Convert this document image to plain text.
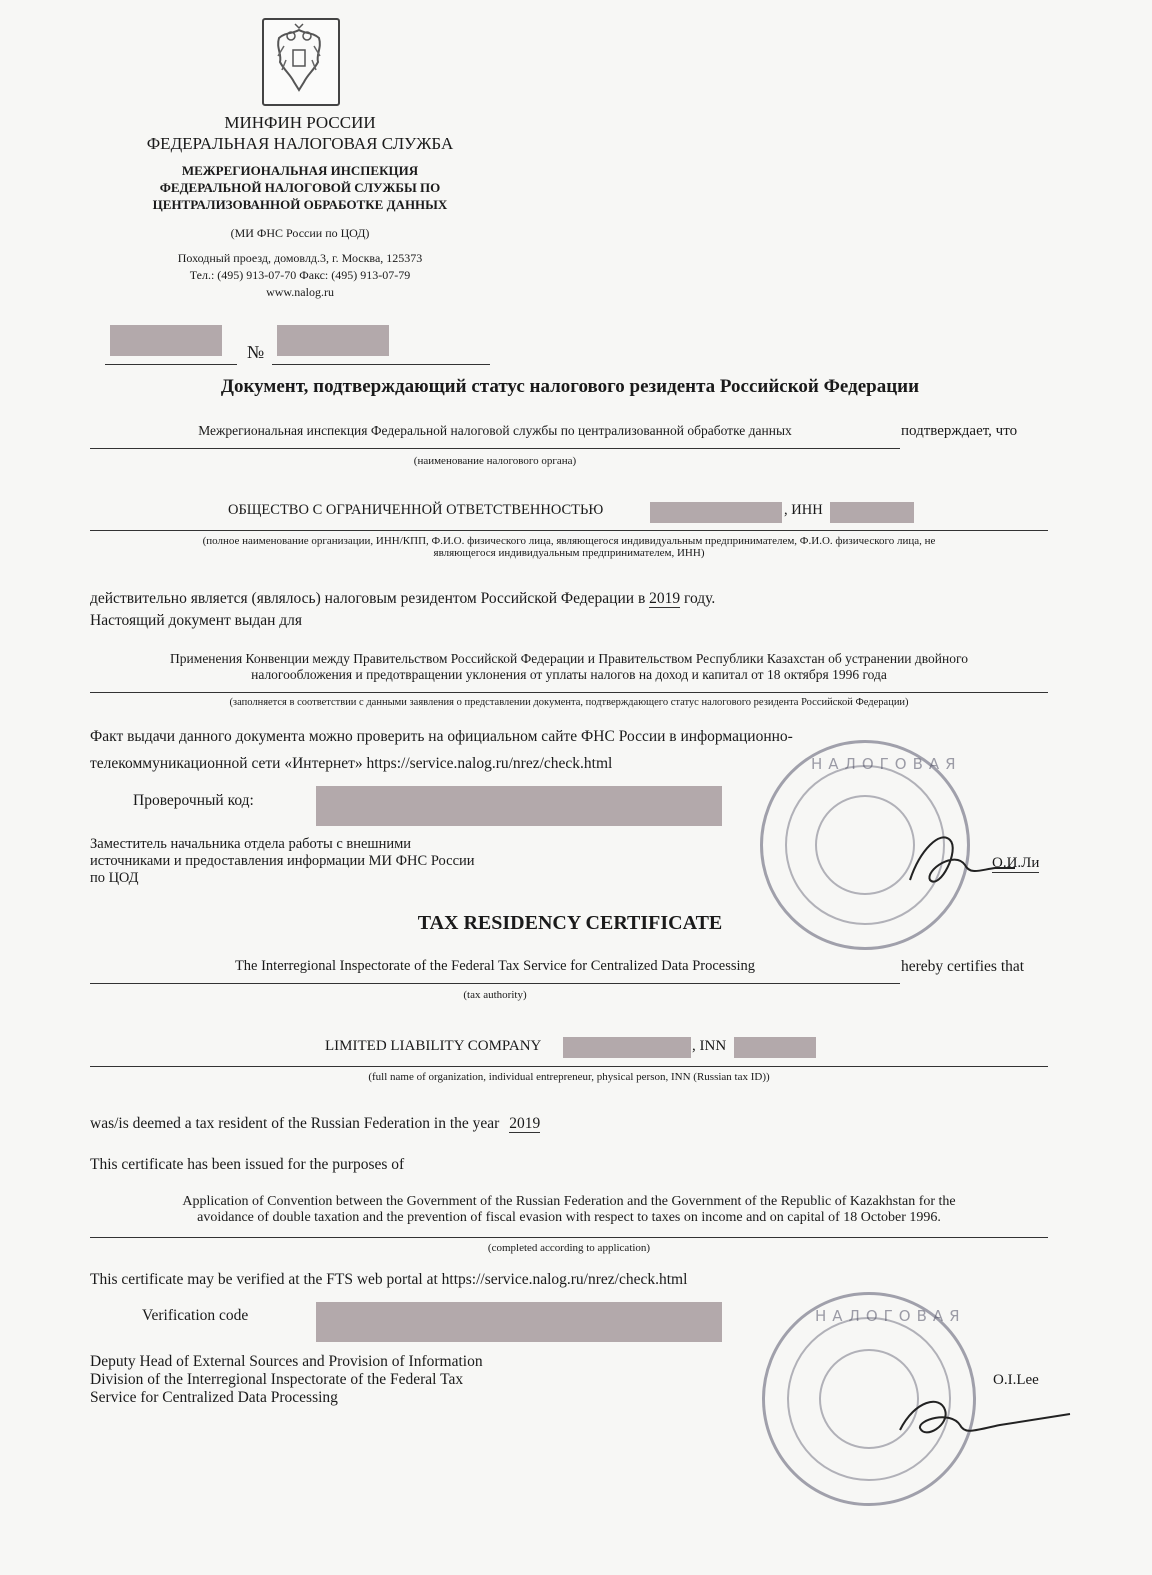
МИНФИН РОССИИ
ФЕДЕРАЛЬНАЯ НАЛОГОВАЯ СЛУЖБА
МЕЖРЕГИОНАЛЬНАЯ ИНСПЕКЦИЯ
ФЕДЕРАЛЬНОЙ НАЛОГОВОЙ СЛУЖБЫ ПО
ЦЕНТРАЛИЗОВАННОЙ ОБРАБОТКЕ ДАННЫХ
(МИ ФНС России по ЦОД)
Походный проезд, домовлд.3, г. Москва, 125373
Тел.: (495) 913-07-70 Факс: (495) 913-07-79
www.nalog.ru
№
Документ, подтверждающий статус налогового резидента Российской Федерации
Межрегиональная инспекция Федеральной налоговой службы по централизованной обработке данных	подтверждает, что
(наименование налогового органа)
ОБЩЕСТВО С ОГРАНИЧЕННОЙ ОТВЕТСТВЕННОСТЬЮ	, ИНН
(полное наименование организации, ИНН/КПП, Ф.И.О. физического лица, являющегося индивидуальным предпринимателем, Ф.И.О. физического лица, не
являющегося индивидуальным предпринимателем, ИНН)
действительно является (являлось) налоговым резидентом Российской Федерации в 2019 году.
Настоящий документ выдан для
Применения Конвенции между Правительством Российской Федерации и Правительством Республики Казахстан об устранении двойного
налогообложения и предотвращении уклонения от уплаты налогов на доход и капитал от 18 октября 1996 года
(заполняется в соответствии с данными заявления о представлении документа, подтверждающего статус налогового резидента Российской Федерации)
Факт выдачи данного документа можно проверить на официальном сайте ФНС России в информационно-
телекоммуникационной сети «Интернет» https://service.nalog.ru/nrez/check.html
Проверочный код:
Заместитель начальника отдела работы с внешними
источниками и предоставления информации МИ ФНС России
по ЦОД
О.И.Ли
НАЛОГОВАЯ
TAX RESIDENCY CERTIFICATE
The Interregional Inspectorate of the Federal Tax Service for Centralized Data Processing	hereby certifies that
(tax authority)
LIMITED LIABILITY COMPANY	, INN
(full name of organization, individual entrepreneur, physical person, INN (Russian tax ID))
was/is deemed a tax resident of the Russian Federation in the year 2019
This certificate has been issued for the purposes of
Application of Convention between the Government of the Russian Federation and the Government of the Republic of Kazakhstan for the
avoidance of double taxation and the prevention of fiscal evasion with respect to taxes on income and on capital of 18 October 1996.
(completed according to application)
This certificate may be verified at the FTS web portal at https://service.nalog.ru/nrez/check.html
Verification code
Deputy Head of External Sources and Provision of Information
Division of the Interregional Inspectorate of the Federal Tax
Service for Centralized Data Processing
O.I.Lee
НАЛОГОВАЯ
